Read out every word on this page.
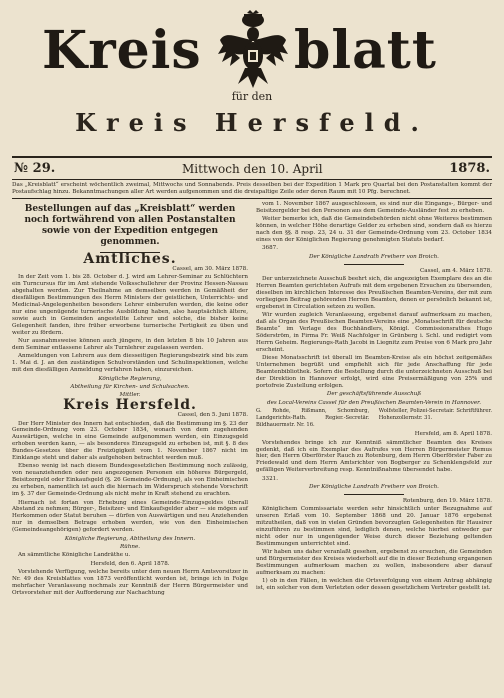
Kreis blatt
für den
Kreis Hersfeld.
№ 29.	Mittwoch den 10. April	1878.
Das „Kreisblatt“ erscheint wöchentlich zweimal, Mittwochs und Sonnabends. Preis desselben bei der Expedition 1 Mark pro Quartal bei den Postanstalten kommt der Postaufschlag hinzu. Bekanntmachungen aller Art werden aufgenommen und die dreispaltige Zeile oder deren Raum mit 10 Pfg. berechnet.
Bestellungen auf das „Kreisblatt“ werden noch fortwährend von allen Postanstalten sowie von der Expedition entgegen genommen.
Amtliches.

Cassel, am 30. März 1878.

In der Zeit vom 1. bis 28. October d. J. wird am Lehrer-Seminar zu Schlüchtern ein Turncursus für im Amt stehende Volksschullehrer der Provinz Hessen-Nassau abgehalten werden. Zur Theilnahme an demselben werden in Gemäßheit der diesfälligen Bestimmungen des Herrn Ministers der geistlichen, Unterrichts- und Medicinal-Angelegenheiten besonders Lehrer einberufen werden, die keine oder nur eine ungenügende turnerische Ausbildung haben, also hauptsächlich ältere, sowie auch in Gemeinden angestellte Lehrer und solche, die bisher keine Gelegenheit fanden, ihre früher erworbene turnerische Fertigkeit zu üben und weiter zu fördern.

Nur ausnahmsweise können auch jüngere, in den letzten 8 bis 10 Jahren aus dem Seminar entlassene Lehrer als Turnlehrer zugelassen werden.

Anmeldungen von Lehrern aus dem diesseitigen Regierungsbezirk sind bis zum 1. Mai d. J. an den zuständigen Schulvorständen und Schulinspektionen, welche mit den diesfälligen Anmeldung verfahren haben, einzureichen.

Königliche Regierung,

Abtheilung für Kirchen- und Schulsachen.

Mittler.

Kreis Hersfeld.

Cassel, den 5. Juni 1878.

Der Herr Minister des Innern hat entschieden, daß die Bestimmung im §. 23 der Gemeinde-Ordnung vom 23. October 1834, wonach von dem zugehenden Auswärtigen, welche in eine Gemeinde aufgenommen werden, ein Einzugsgeld erhoben werden kann, — als besonderes Einzugsgeld zu erheben ist, mit §. 8 des Bundes-Gesetzes über die Freizügigkeit vom 1. November 1867 nicht im Einklange steht und daher als aufgehoben betrachtet werden muß.

Ebenso wenig ist nach diesem Bundesgesetzlichen Bestimmung noch zulässig, von neuanziehenden oder neu angezogenen Personen ein höheres Bürgergeld, Beisitzergeld oder Einkaufsgeld (§. 26 Gemeinde-Ordnung), als von Einheimischen zu erheben, namentlich ist auch die hiernach im Widerspruch stehende Vorschrift im §. 37 der Gemeinde-Ordnung als nicht mehr in Kraft stehend zu erachten.

Hiernach ist fortan von Erhebung eines Gemeinde-Einzugsgeldes überall Abstand zu nehmen; Bürger-, Beisitzer- und Einkaufsgelder aber — sie mögen auf Herkommen oder Statut beruhen — dürfen von Auswärtigen und neu Anziehenden nur in demselben Betrage erhoben werden, wie von den Einheimischen (Gemeindeangehörigen) gefordert werden.

Königliche Regierung, Abtheilung des Innern.

Rühne.

An sämmtliche Königliche Landräthe u.

Hersfeld, den 6. April 1878.

Vorstehende Verfügung, welche bereits unter dem neuen Herrn Amtsvorsitzer in Nr. 49 des Kreisblattes von 1873 veröffentlicht worden ist, bringe ich in Folge mehrfacher Veranlassung nochmals zur Kenntniß der Herrn Bürgermeister und Ortsvorsteher mit der Aufforderung zur Nachachtung

vom 1. November 1867 ausgeschlossen, es sind nur die Eingangs-, Bürger- und Beisitzergelder bei den Personen aus dem Gemeinde-Ausländer fest zu erheben.

Weiter bemerke ich, daß die Gemeindebehörden nicht ohne Weiteres bestimmen können, in welcher Höhe derartige Gelder zu erheben sind, sondern daß es hierzu nach den §§. 8 resp. 23, 24 u. 31 der Gemeinde-Ordnung vom 23. October 1834 eines von der Königlichen Regierung genehmigten Statuts bedarf.

3687.

Der Königliche Landrath Freiherr von Broich.

Cassel, am 4. März 1878.

Der unterzeichnete Ausschuß beehrt sich, die angezeigten Exemplare des an die Herren Beamten gerichteten Aufrufs mit dem ergebenen Ersuchen zu übersenden, dieselben im kirchlichen Interesse des Preußischen Beamten-Vereins, der mit zum vorliegigen Beitrag gehörenden Herren Beamten, denen er persönlich bekannt ist, ergebenst in Circulation setzen zu wollen.

Wir wurden zugleich Veranlassung, ergebenst darauf aufmerksam zu machen, daß als Organ des Preußischen Beamten-Vereins eine „Monatsschrift für deutsche Beamte“ im Verlage des Buchhändlers, Königl. Commissionsrathes Hugo Söderström, in Firma Fr. Weiß Nachfolger in Grünberg i. Schl. und redigirt vom Herrn Geheim. Regierungs-Rath Jacobi in Liegnitz zum Preise von 6 Mark pro Jahr erscheint.

Diese Monatsschrift ist überall im Beamten-Kreise als ein höchst zeitgemäßes Unternehmen begrüßt und empfiehlt sich für jede Anschaffung für jede Beamtenbibliothek. Sofern die Bestellung durch die unterzeichneten Ausschuß bei der Direktion in Hannover erfolgt, wird eine Preisermäßigung von 25% und portofreie Zustellung erfolgen.

Der geschäftsführende Ausschuß

des Local-Vereins Cassel für den Preußischen Beamten-Verein in Hannover.

G. Rohde, Rißmann, Schomburg, Landgerichts-Rath. Regier.-Secretär. Bildhauermstr. Nr. 16.
Wolfsteller, Polizei-Secretair. Schriftführer. Hohenzollernstr. 31.

Hersfeld, am 8. April 1878.

Vorstehendes bringe ich zur Kenntniß sämmtlicher Beamten des Kreises gedenkt, daß ich ein Exemplar des Aufrufes von Herren Bürgermeister Remus hier, den Herrn Oberförster Rauch zu Rotenburg, dem Herrn Oberförster Faber zu Friedewald und dem Herrn Amtsrichter von Bogberger zu Schenklengsfeld zur gefälligen Weiterverbreitung resp. Kenntnißnahme übersendet habe.

3321.

Der Königliche Landrath Freiherr von Broich.

Rotenburg, den 19. März 1878.

Königlichem Commissariate werden sehr hinsichtlich unter Bezugnahme auf unseren Erlaß vom 10. September 1868 und 20. Januar 1876 ergebenst mitzutheilen, daß von in vielen Gründen bevorzugten Gelegenheiten für Hausirer einzuführen zu bestimmen sind, lediglich denen, welche hierbei entweder gar nicht oder nur in ungenügender Weise durch dieser Beziehung geltenden Bestimmungen unterrichtet sind.

Wir haben uns daher veranlaßt gesehen, ergebenst zu ersuchen, die Gemeinden und Bürgermeister des Kreises wiederholt auf die in dieser Beziehung ergangenen Bestimmungen aufmerksam machen zu wollen, insbesondere aber darauf aufmerksam zu machen:

1) ob in den Fällen, in welchen die Ortsverfolgung von einem Antrag abhängig ist, ein solcher von dem Verletzten oder dessen gesetzlichem Vertreter gestellt ist.
